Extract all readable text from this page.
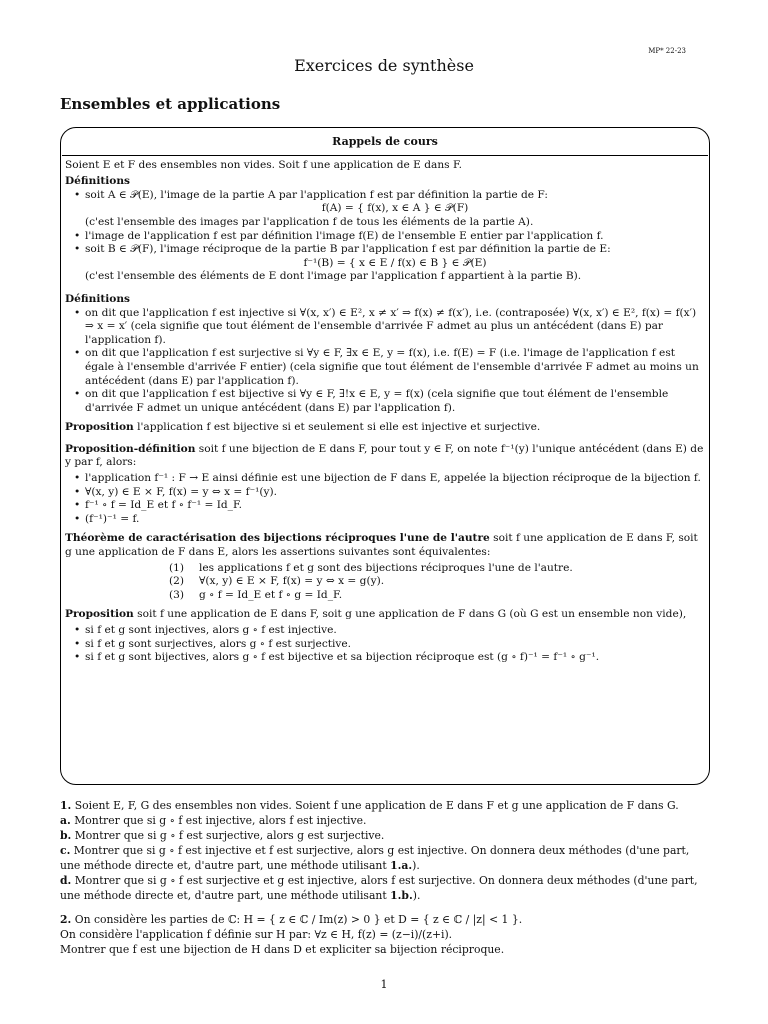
MP* 22-23
Exercices de synthèse
Ensembles et applications
Rappels de cours
Soient E et F des ensembles non vides. Soit f une application de E dans F.
Définitions
• soit A ∈ 𝒫(E), l'image de la partie A par l'application f est par définition la partie de F:
f(A) = { f(x), x ∈ A } ∈ 𝒫(F)
(c'est l'ensemble des images par l'application f de tous les éléments de la partie A).
• l'image de l'application f est par définition l'image f(E) de l'ensemble E entier par l'application f.
• soit B ∈ 𝒫(F), l'image réciproque de la partie B par l'application f est par définition la partie de E:
f⁻¹(B) = { x ∈ E / f(x) ∈ B } ∈ 𝒫(E)
(c'est l'ensemble des éléments de E dont l'image par l'application f appartient à la partie B).
Définitions
• on dit que l'application f est injective si ∀(x, x′) ∈ E², x ≠ x′ ⇒ f(x) ≠ f(x′), i.e. (contraposée) ∀(x, x′) ∈ E², f(x) = f(x′) ⇒ x = x′ (cela signifie que tout élément de l'ensemble d'arrivée F admet au plus un antécédent (dans E) par l'application f).
• on dit que l'application f est surjective si ∀y ∈ F, ∃x ∈ E, y = f(x), i.e. f(E) = F (i.e. l'image de l'application f est égale à l'ensemble d'arrivée F entier) (cela signifie que tout élément de l'ensemble d'arrivée F admet au moins un antécédent (dans E) par l'application f).
• on dit que l'application f est bijective si ∀y ∈ F, ∃!x ∈ E, y = f(x) (cela signifie que tout élément de l'ensemble d'arrivée F admet un unique antécédent (dans E) par l'application f).
Proposition l'application f est bijective si et seulement si elle est injective et surjective.
Proposition-définition soit f une bijection de E dans F, pour tout y ∈ F, on note f⁻¹(y) l'unique antécédent (dans E) de y par f, alors:
• l'application f⁻¹ : F → E ainsi définie est une bijection de F dans E, appelée la bijection réciproque de la bijection f.
• ∀(x, y) ∈ E × F, f(x) = y ⇔ x = f⁻¹(y).
• f⁻¹ ∘ f = Id_E et f ∘ f⁻¹ = Id_F.
• (f⁻¹)⁻¹ = f.
Théorème de caractérisation des bijections réciproques l'une de l'autre soit f une application de E dans F, soit g une application de F dans E, alors les assertions suivantes sont équivalentes:
(1)	les applications f et g sont des bijections réciproques l'une de l'autre.
(2)	∀(x, y) ∈ E × F, f(x) = y ⇔ x = g(y).
(3)	g ∘ f = Id_E et f ∘ g = Id_F.
Proposition soit f une application de E dans F, soit g une application de F dans G (où G est un ensemble non vide),
• si f et g sont injectives, alors g ∘ f est injective.
• si f et g sont surjectives, alors g ∘ f est surjective.
• si f et g sont bijectives, alors g ∘ f est bijective et sa bijection réciproque est (g ∘ f)⁻¹ = f⁻¹ ∘ g⁻¹.

1. Soient E, F, G des ensembles non vides. Soient f une application de E dans F et g une application de F dans G.

a. Montrer que si g ∘ f est injective, alors f est injective.

b. Montrer que si g ∘ f est surjective, alors g est surjective.

c. Montrer que si g ∘ f est injective et f est surjective, alors g est injective. On donnera deux méthodes (d'une part, une méthode directe et, d'autre part, une méthode utilisant 1.a.).

d. Montrer que si g ∘ f est surjective et g est injective, alors f est surjective. On donnera deux méthodes (d'une part, une méthode directe et, d'autre part, une méthode utilisant 1.b.).

2. On considère les parties de ℂ: H = { z ∈ ℂ / Im(z) > 0 } et D = { z ∈ ℂ / |z| < 1 }.

On considère l'application f définie sur H par: ∀z ∈ H, f(z) = (z−i)/(z+i).

Montrer que f est une bijection de H dans D et expliciter sa bijection réciproque.

1
